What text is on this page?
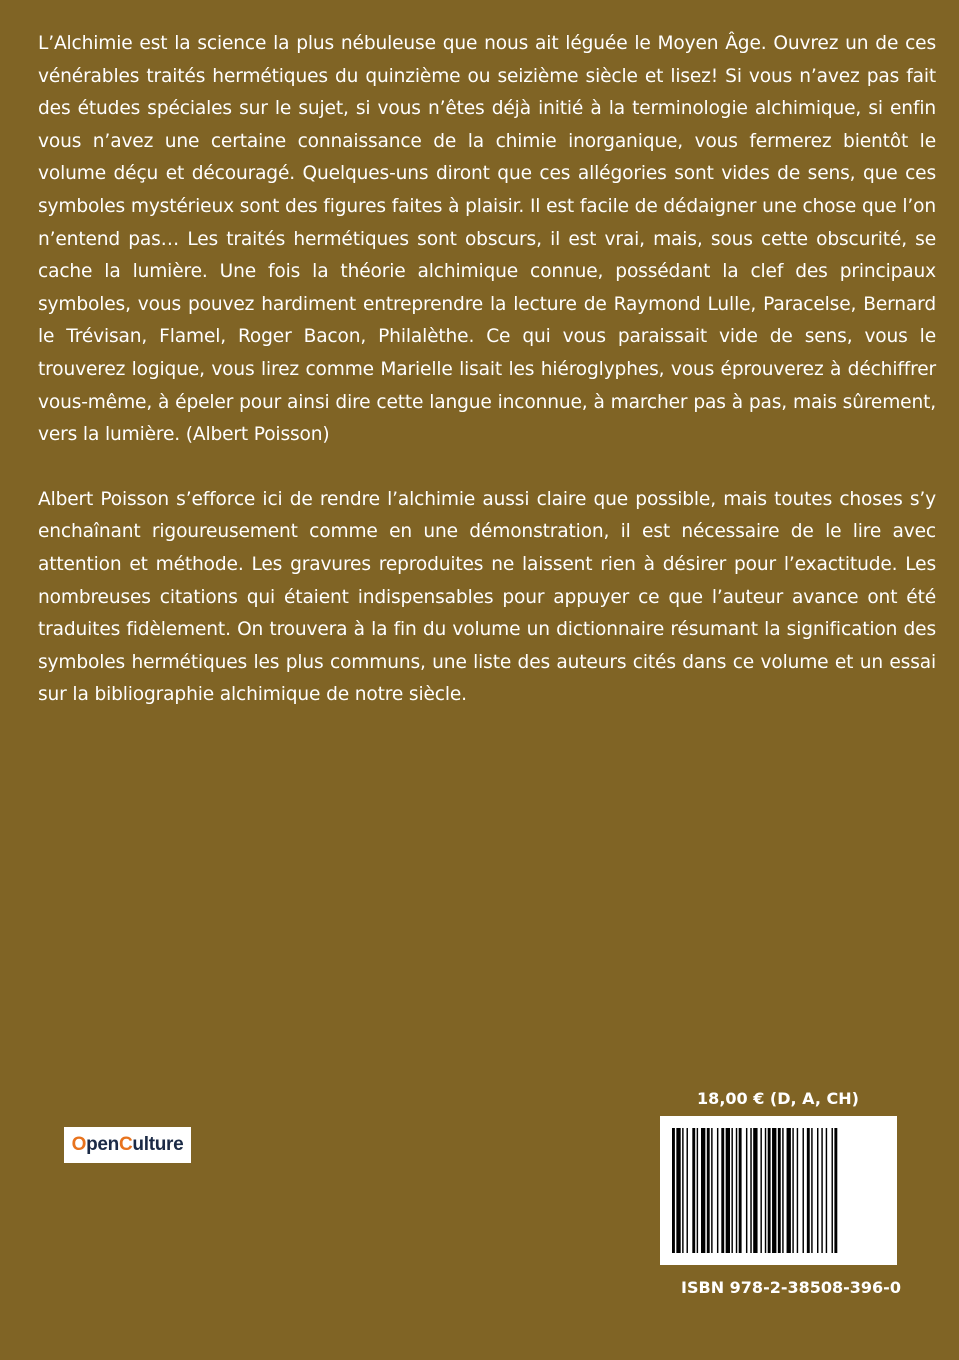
L’Alchimie est la science la plus nébuleuse que nous ait léguée le Moyen Âge. Ouvrez un de ces vénérables traités hermétiques du quinzième ou seizième siècle et lisez! Si vous n’avez pas fait des études spéciales sur le sujet, si vous n’êtes déjà initié à la terminologie alchimique, si enfin vous n’avez une certaine connaissance de la chimie inorganique, vous fermerez bientôt le volume déçu et découragé. Quelques-uns diront que ces allégories sont vides de sens, que ces symboles mystérieux sont des figures faites à plaisir. Il est facile de dédaigner une chose que l’on n’entend pas… Les traités hermétiques sont obscurs, il est vrai, mais, sous cette obscurité, se cache la lumière. Une fois la théorie alchimique connue, possédant la clef des principaux symboles, vous pouvez hardiment entreprendre la lecture de Raymond Lulle, Paracelse, Bernard le Trévisan, Flamel, Roger Bacon, Philalèthe. Ce qui vous paraissait vide de sens, vous le trouverez logique, vous lirez comme Marielle lisait les hiéroglyphes, vous éprouverez à déchiffrer vous-même, à épeler pour ainsi dire cette langue inconnue, à marcher pas à pas, mais sûrement, vers la lumière. (Albert Poisson)

Albert Poisson s’efforce ici de rendre l’alchimie aussi claire que possible, mais toutes choses s’y enchaînant rigoureusement comme en une démonstration, il est nécessaire de le lire avec attention et méthode. Les gravures reproduites ne laissent rien à désirer pour l’exactitude. Les nombreuses citations qui étaient indispensables pour appuyer ce que l’auteur avance ont été traduites fidèlement. On trouvera à la fin du volume un dictionnaire résumant la signification des symboles hermétiques les plus communs, une liste des auteurs cités dans ce volume et un essai sur la bibliographie alchimique de notre siècle.

O pen C ulture
18,00 € (D, A, CH)
ISBN 978-2-38508-396-0
